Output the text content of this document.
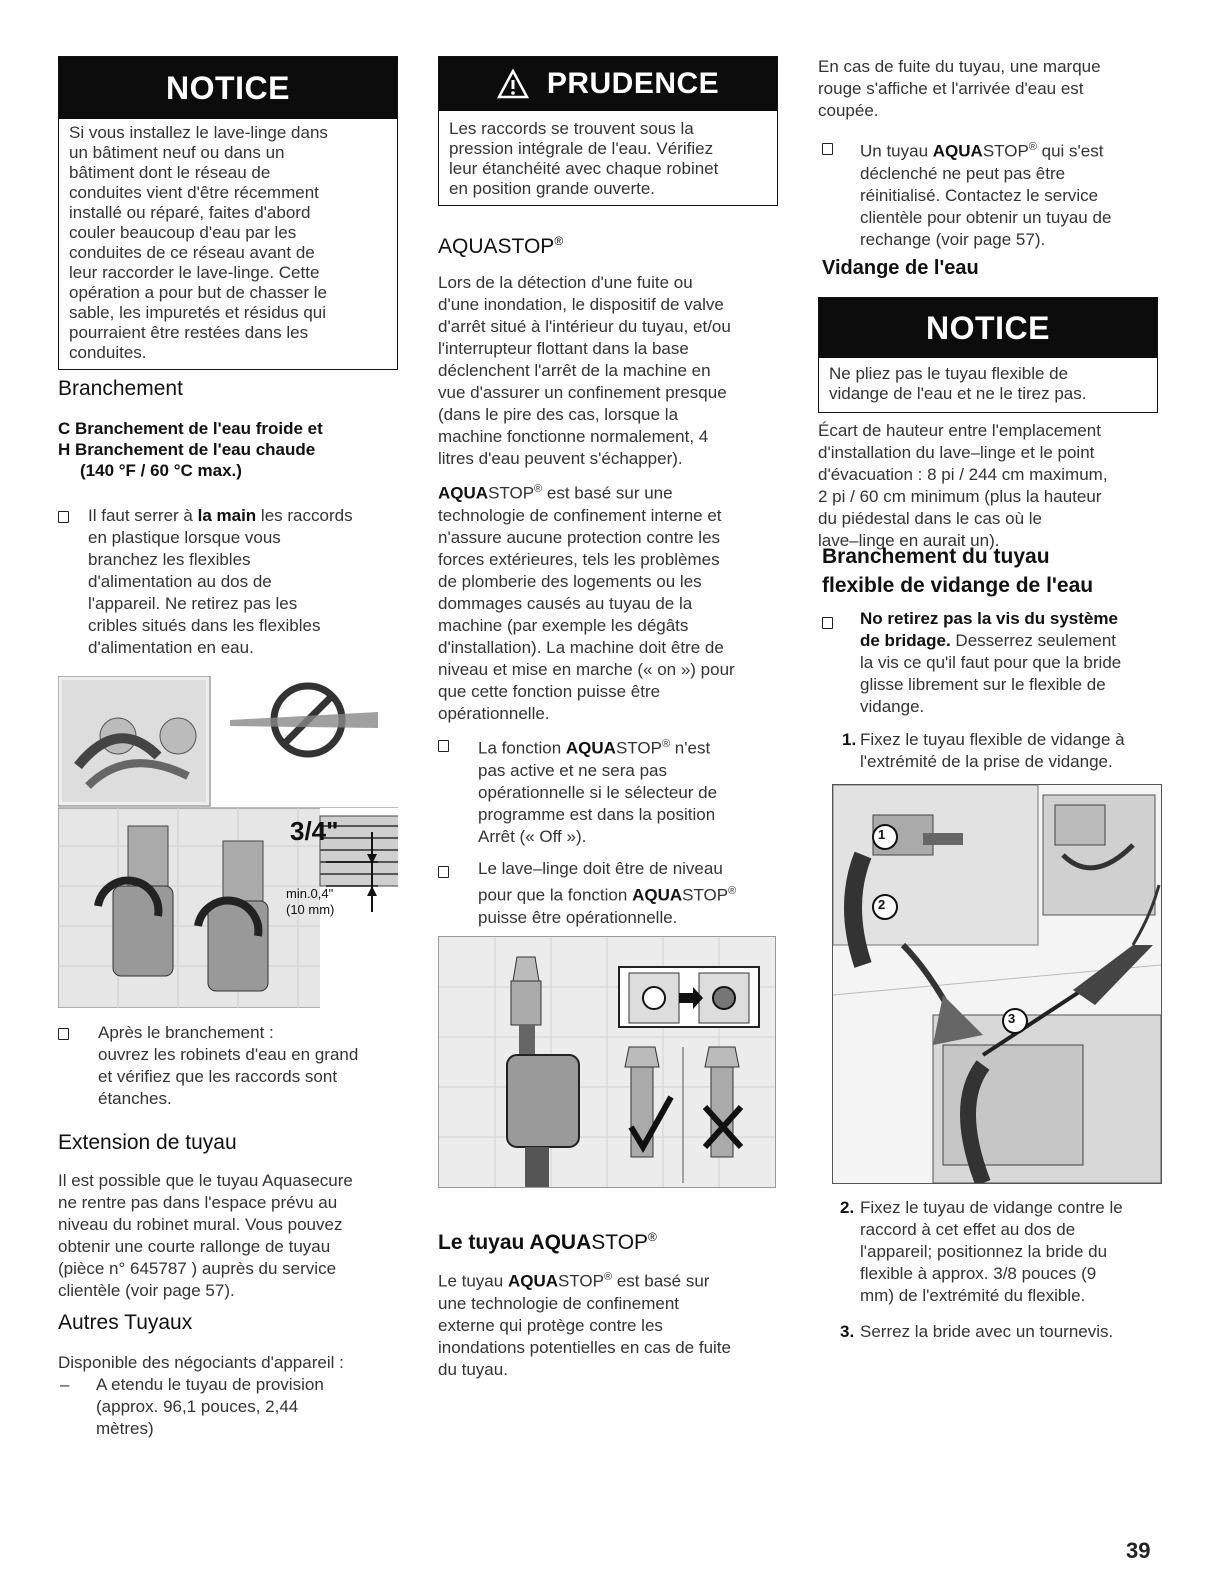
NOTICE
Si vous installez le lave-linge dans
un bâtiment neuf ou dans un
bâtiment dont le réseau de
conduites vient d'être récemment
installé ou réparé, faites d'abord
couler beaucoup d'eau par les
conduites de ce réseau avant de
leur raccorder le lave-linge. Cette
opération a pour but de chasser le
sable, les impuretés et résidus qui
pourraient être restées dans les
conduites.
Branchement
C Branchement de l'eau froide et
H Branchement de l'eau chaude
(140 °F / 60 °C max.)
Il faut serrer à la main les raccords
en plastique lorsque vous
branchez les flexibles
d'alimentation au dos de
l'appareil. Ne retirez pas les
cribles situés dans les flexibles
d'alimentation en eau.
3/4"
min.0,4"
(10 mm)
Après le branchement :
ouvrez les robinets d'eau en grand
et vérifiez que les raccords sont
étanches.
Extension de tuyau
Il est possible que le tuyau Aquasecure
ne rentre pas dans l'espace prévu au
niveau du robinet mural. Vous pouvez
obtenir une courte rallonge de tuyau
(pièce n° 645787 ) auprès du service
clientèle (voir page 57).
Autres Tuyaux
Disponible des négociants d'appareil :
– A etendu le tuyau de provision
(approx. 96,1 pouces, 2,44
mètres)
PRUDENCE
Les raccords se trouvent sous la
pression intégrale de l'eau. Vérifiez
leur étanchéité avec chaque robinet
en position grande ouverte.
AQUASTOP®
Lors de la détection d'une fuite ou
d'une inondation, le dispositif de valve
d'arrêt situé à l'intérieur du tuyau, et/ou
l'interrupteur flottant dans la base
déclenchent l'arrêt de la machine en
vue d'assurer un confinement presque
(dans le pire des cas, lorsque la
machine fonctionne normalement, 4
litres d'eau peuvent s'échapper).
AQUASTOP® est basé sur une
technologie de confinement interne et
n'assure aucune protection contre les
forces extérieures, tels les problèmes
de plomberie des logements ou les
dommages causés au tuyau de la
machine (par exemple les dégâts
d'installation). La machine doit être de
niveau et mise en marche (« on ») pour
que cette fonction puisse être
opérationnelle.
La fonction AQUASTOP® n'est
pas active et ne sera pas
opérationnelle si le sélecteur de
programme est dans la position
Arrêt (« Off »).
Le lave–linge doit être de niveau
pour que la fonction AQUASTOP®
puisse être opérationnelle.
Le tuyau AQUASTOP®
Le tuyau AQUASTOP® est basé sur
une technologie de confinement
externe qui protège contre les
inondations potentielles en cas de fuite
du tuyau.
En cas de fuite du tuyau, une marque
rouge s'affiche et l'arrivée d'eau est
coupée.
Un tuyau AQUASTOP® qui s'est
déclenché ne peut pas être
réinitialisé. Contactez le service
clientèle pour obtenir un tuyau de
rechange (voir page 57).
Vidange de l'eau
NOTICE
Ne pliez pas le tuyau flexible de
vidange de l'eau et ne le tirez pas.
Écart de hauteur entre l'emplacement
d'installation du lave–linge et le point
d'évacuation : 8 pi / 244 cm maximum,
2 pi / 60 cm minimum (plus la hauteur
du piédestal dans le cas où le
lave–linge en aurait un).
Branchement du tuyau
flexible de vidange de l'eau
No retirez pas la vis du système
de bridage. Desserrez seulement
la vis ce qu'il faut pour que la bride
glisse librement sur le flexible de
vidange.
1. Fixez le tuyau flexible de vidange à
l'extrémité de la prise de vidange.
1
2
3
2. Fixez le tuyau de vidange contre le
raccord à cet effet au dos de
l'appareil; positionnez la bride du
flexible à approx. 3/8 pouces (9
mm) de l'extrémité du flexible.
3. Serrez la bride avec un tournevis.
39
